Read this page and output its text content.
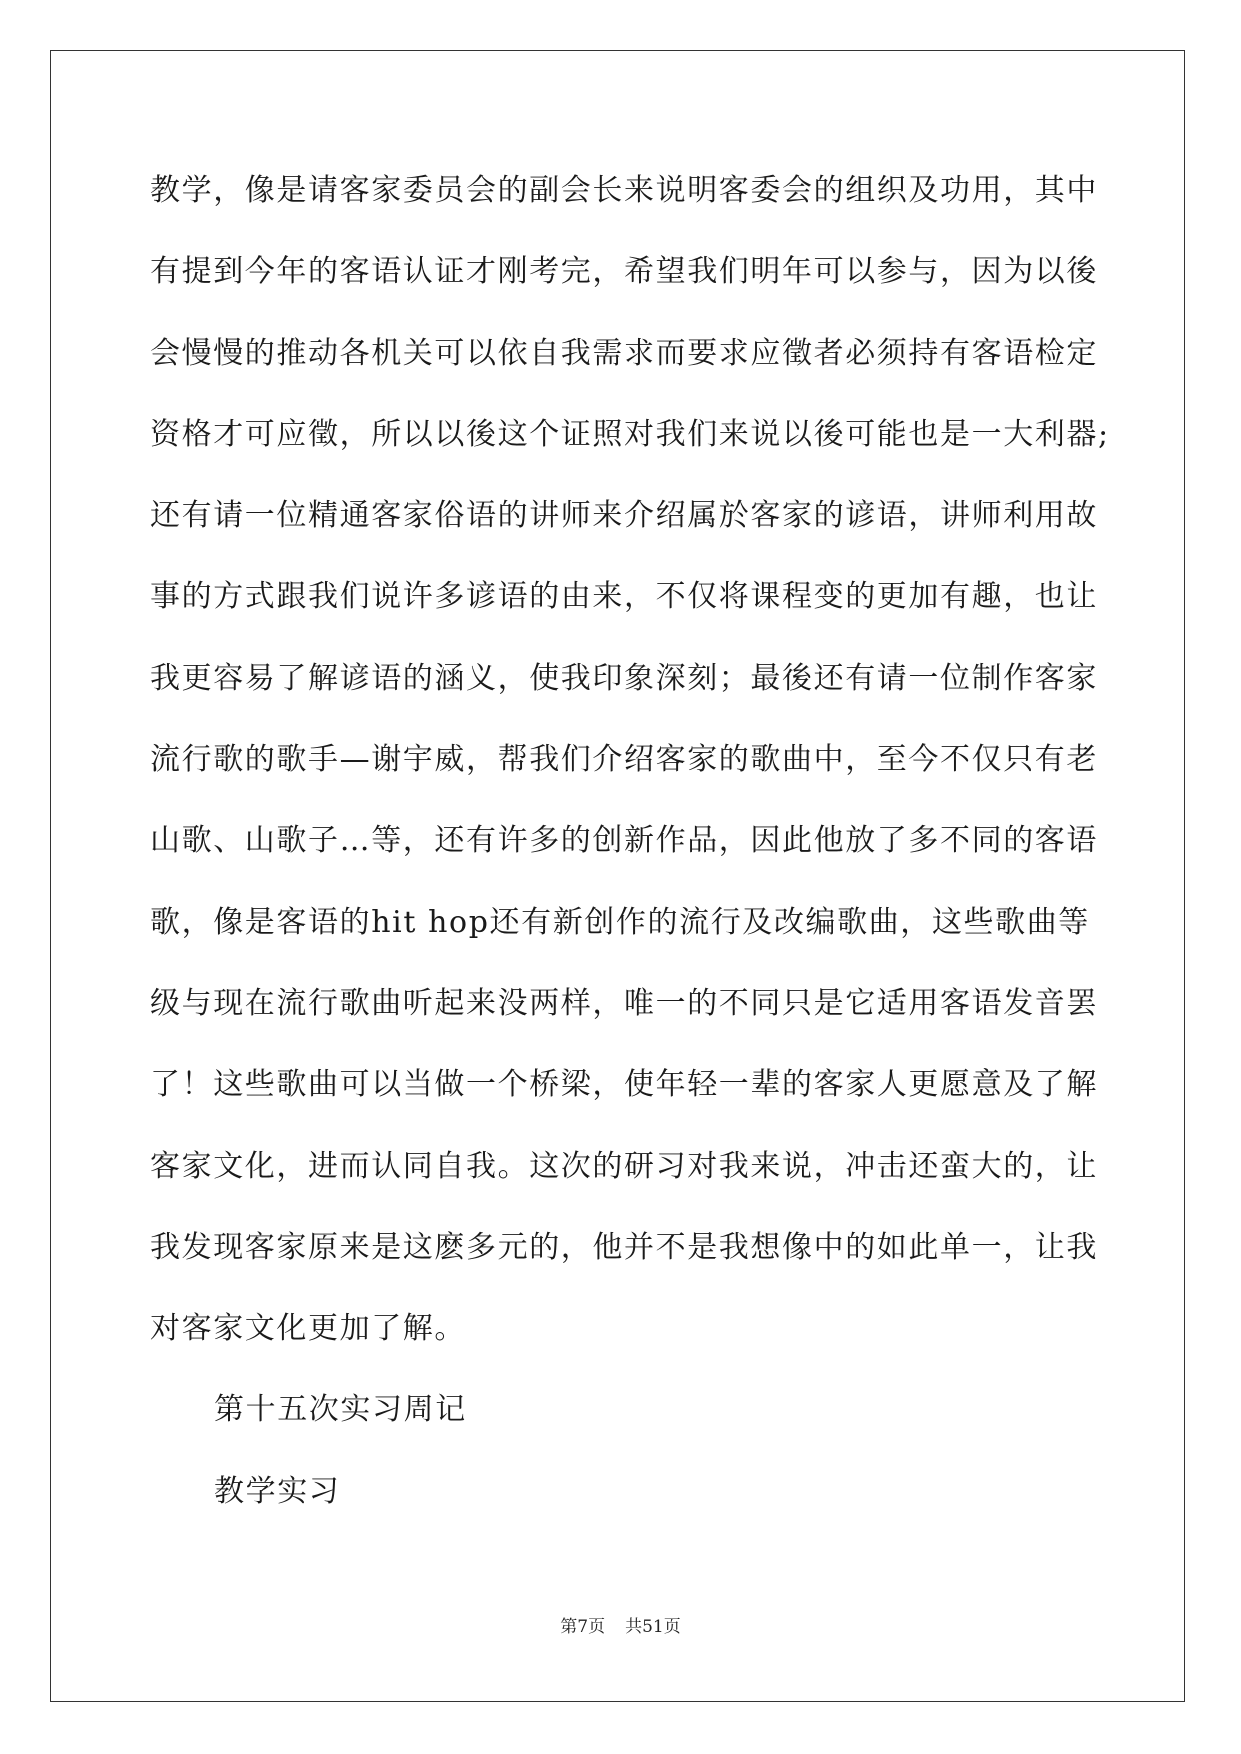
教学，像是请客家委员会的副会长来说明客委会的组织及功用，其中
有提到今年的客语认证才刚考完，希望我们明年可以参与，因为以後
会慢慢的推动各机关可以依自我需求而要求应徵者必须持有客语检定
资格才可应徵，所以以後这个证照对我们来说以後可能也是一大利器;
还有请一位精通客家俗语的讲师来介绍属於客家的谚语，讲师利用故
事的方式跟我们说许多谚语的由来，不仅将课程变的更加有趣，也让
我更容易了解谚语的涵义，使我印象深刻；最後还有请一位制作客家
流行歌的歌手—谢宇威，帮我们介绍客家的歌曲中，至今不仅只有老
山歌、山歌子…等，还有许多的创新作品，因此他放了多不同的客语
歌，像是客语的hit hop还有新创作的流行及改编歌曲，这些歌曲等
级与现在流行歌曲听起来没两样，唯一的不同只是它适用客语发音罢
了！这些歌曲可以当做一个桥梁，使年轻一辈的客家人更愿意及了解
客家文化，进而认同自我。这次的研习对我来说，冲击还蛮大的，让
我发现客家原来是这麽多元的，他并不是我想像中的如此单一，让我
对客家文化更加了解。
第十五次实习周记
教学实习
第7页 共51页
